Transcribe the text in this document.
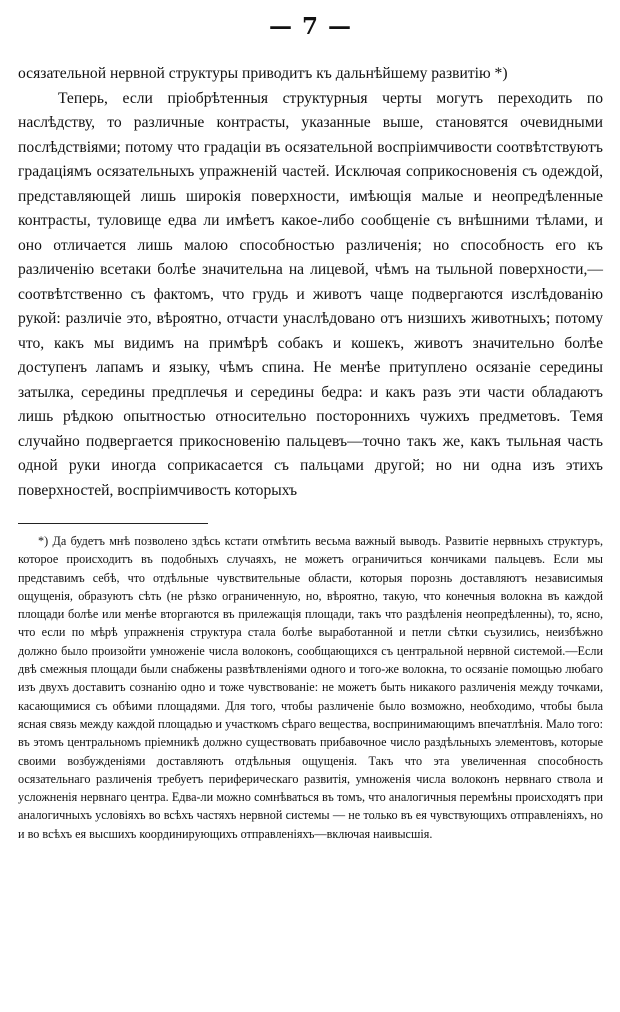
— 7 —

осязательной нервной структуры приводитъ къ дальнѣйшему развитію *)

Теперь, если пріобрѣтенныя структурныя черты могутъ переходить по наслѣдству, то различные контрасты, указанные выше, становятся очевидными послѣдствіями; потому что градаціи въ осязательной воспріимчивости соотвѣтствуютъ градаціямъ осязательныхъ упражненій частей. Исключая соприкосновенія съ одеждой, представляющей лишь широкія поверхности, имѣющія малые и неопредѣленные контрасты, туловище едва ли имѣетъ какое-либо сообщеніе съ внѣшними тѣлами, и оно отличается лишь малою способностью различенія; но способность его къ различенію всетаки болѣе значительна на лицевой, чѣмъ на тыльной поверхности,—соотвѣтственно съ фактомъ, что грудь и животъ чаще подвергаются изслѣдованію рукой: различіе это, вѣроятно, отчасти унаслѣдовано отъ низшихъ животныхъ; потому что, какъ мы видимъ на примѣрѣ собакъ и кошекъ, животъ значительно болѣе доступенъ лапамъ и языку, чѣмъ спина. Не менѣе притуплено осязаніе середины затылка, середины предплечья и середины бедра: и какъ разъ эти части обладаютъ лишь рѣдкою опытностью относительно постороннихъ чужихъ предметовъ. Темя случайно подвергается прикосновенію пальцевъ—точно такъ же, какъ тыльная часть одной руки иногда соприкасается съ пальцами другой; но ни одна изъ этихъ поверхностей, воспріимчивость которыхъ

*) Да будетъ мнѣ позволено здѣсь кстати отмѣтить весьма важный выводъ. Развитіе нервныхъ структуръ, которое происходитъ въ подобныхъ случаяхъ, не можетъ ограничиться кончиками пальцевъ. Если мы представимъ себѣ, что отдѣльные чувствительные области, которыя порознь доставляютъ независимыя ощущенія, образуютъ сѣть (не рѣзко ограниченную, но, вѣроятно, такую, что конечныя волокна въ каждой площади болѣе или менѣе вторгаются въ прилежащія площади, такъ что раздѣленія неопредѣленны), то, ясно, что если по мѣрѣ упражненія структура стала болѣе выработанной и петли сѣтки съузились, неизбѣжно должно было произойти умноженіе числа волоконъ, сообщающихся съ центральной нервной системой.—Если двѣ смежныя площади были снабжены развѣтвленіями одного и того-же волокна, то осязаніе помощью любаго изъ двухъ доставитъ сознанію одно и тоже чувствованіе: не можетъ быть никакого различенія между точками, касающимися съ обѣими площадями. Для того, чтобы различеніе было возможно, необходимо, чтобы была ясная связь между каждой площадью и участкомъ сѣраго вещества, воспринимающимъ впечатлѣнія. Мало того: въ этомъ центральномъ пріемникѣ должно существовать прибавочное число раздѣльныхъ элементовъ, которые своими возбужденіями доставляютъ отдѣльныя ощущенія. Такъ что эта увеличенная способность осязательнаго различенія требуетъ периферическаго развитія, умноженія числа волоконъ нервнаго ствола и усложненія нервнаго центра. Едва-ли можно сомнѣваться въ томъ, что аналогичныя перемѣны происходятъ при аналогичныхъ условіяхъ во всѣхъ частяхъ нервной системы — не только въ ея чувствующихъ отправленіяхъ, но и во всѣхъ ея высшихъ координирующихъ отправленіяхъ—включая наивысшія.
